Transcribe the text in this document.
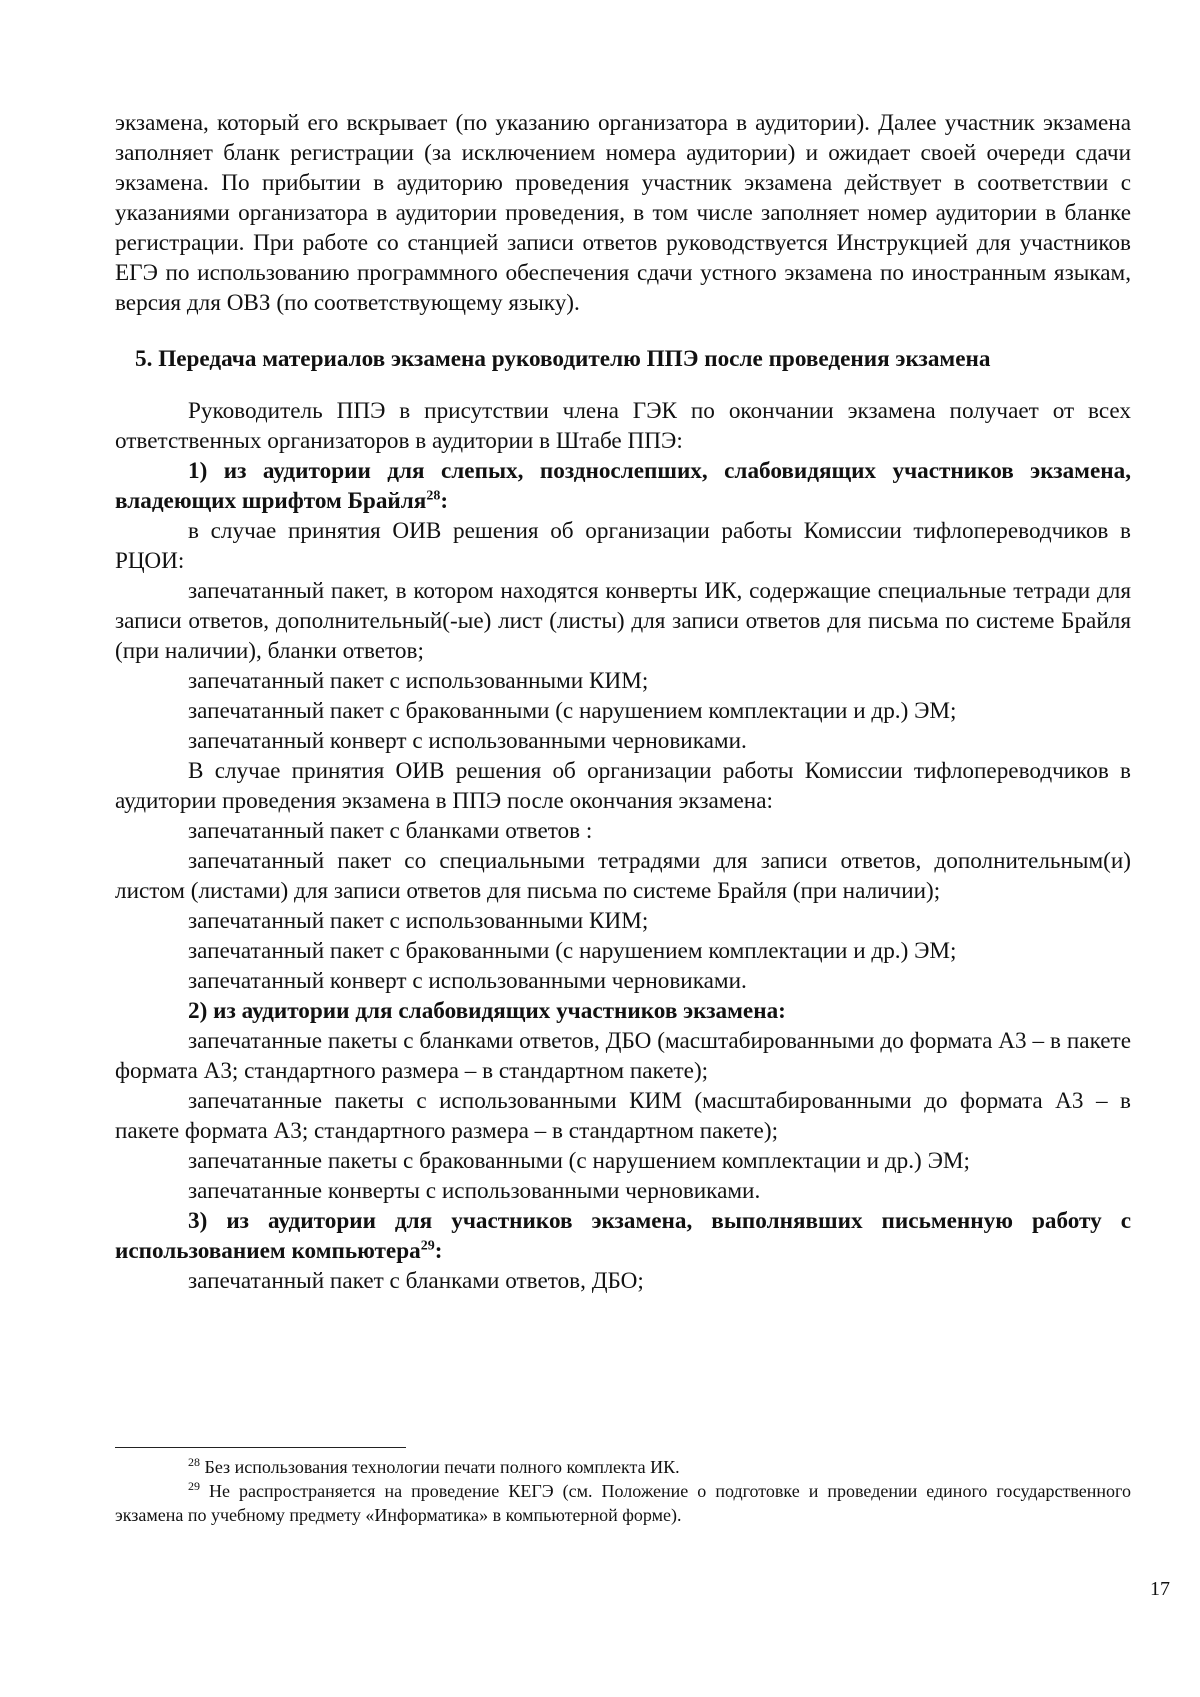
экзамена, который его вскрывает (по указанию организатора в аудитории). Далее участник экзамена заполняет бланк регистрации (за исключением номера аудитории) и ожидает своей очереди сдачи экзамена. По прибытии в аудиторию проведения участник экзамена действует в соответствии с указаниями организатора в аудитории проведения, в том числе заполняет номер аудитории в бланке регистрации. При работе со станцией записи ответов руководствуется Инструкцией для участников ЕГЭ по использованию программного обеспечения сдачи устного экзамена по иностранным языкам, версия для ОВЗ (по соответствующему языку).

5. Передача материалов экзамена руководителю ППЭ после проведения экзамена

Руководитель ППЭ в присутствии члена ГЭК по окончании экзамена получает от всех ответственных организаторов в аудитории в Штабе ППЭ:

1) из аудитории для слепых, позднослепших, слабовидящих участников экзамена, владеющих шрифтом Брайля$^{28}$:

в случае принятия ОИВ решения об организации работы Комиссии тифлопереводчиков в РЦОИ:

запечатанный пакет, в котором находятся конверты ИК, содержащие специальные тетради для записи ответов, дополнительный(-ые) лист (листы) для записи ответов для письма по системе Брайля (при наличии), бланки ответов;

запечатанный пакет с использованными КИМ;

запечатанный пакет с бракованными (с нарушением комплектации и др.) ЭМ;

запечатанный конверт с использованными черновиками.

В случае принятия ОИВ решения об организации работы Комиссии тифлопереводчиков в аудитории проведения экзамена в ППЭ после окончания экзамена:

запечатанный пакет с бланками ответов :

запечатанный пакет со специальными тетрадями для записи ответов, дополнительным(и) листом (листами) для записи ответов для письма по системе Брайля (при наличии);

запечатанный пакет с использованными КИМ;

запечатанный пакет с бракованными (с нарушением комплектации и др.) ЭМ;

запечатанный конверт с использованными черновиками.

2) из аудитории для слабовидящих участников экзамена:

запечатанные пакеты с бланками ответов, ДБО (масштабированными до формата А3 – в пакете формата А3; стандартного размера – в стандартном пакете);

запечатанные пакеты с использованными КИМ (масштабированными до формата А3 – в пакете формата А3; стандартного размера – в стандартном пакете);

запечатанные пакеты с бракованными (с нарушением комплектации и др.) ЭМ;

запечатанные конверты с использованными черновиками.

3) из аудитории для участников экзамена, выполнявших письменную работу с использованием компьютера$^{29}$:

запечатанный пакет с бланками ответов, ДБО;

$^{28}$ Без использования технологии печати полного комплекта ИК.

$^{29}$ Не распространяется на проведение КЕГЭ (см. Положение о подготовке и проведении единого государственного экзамена по учебному предмету «Информатика» в компьютерной форме).

17
